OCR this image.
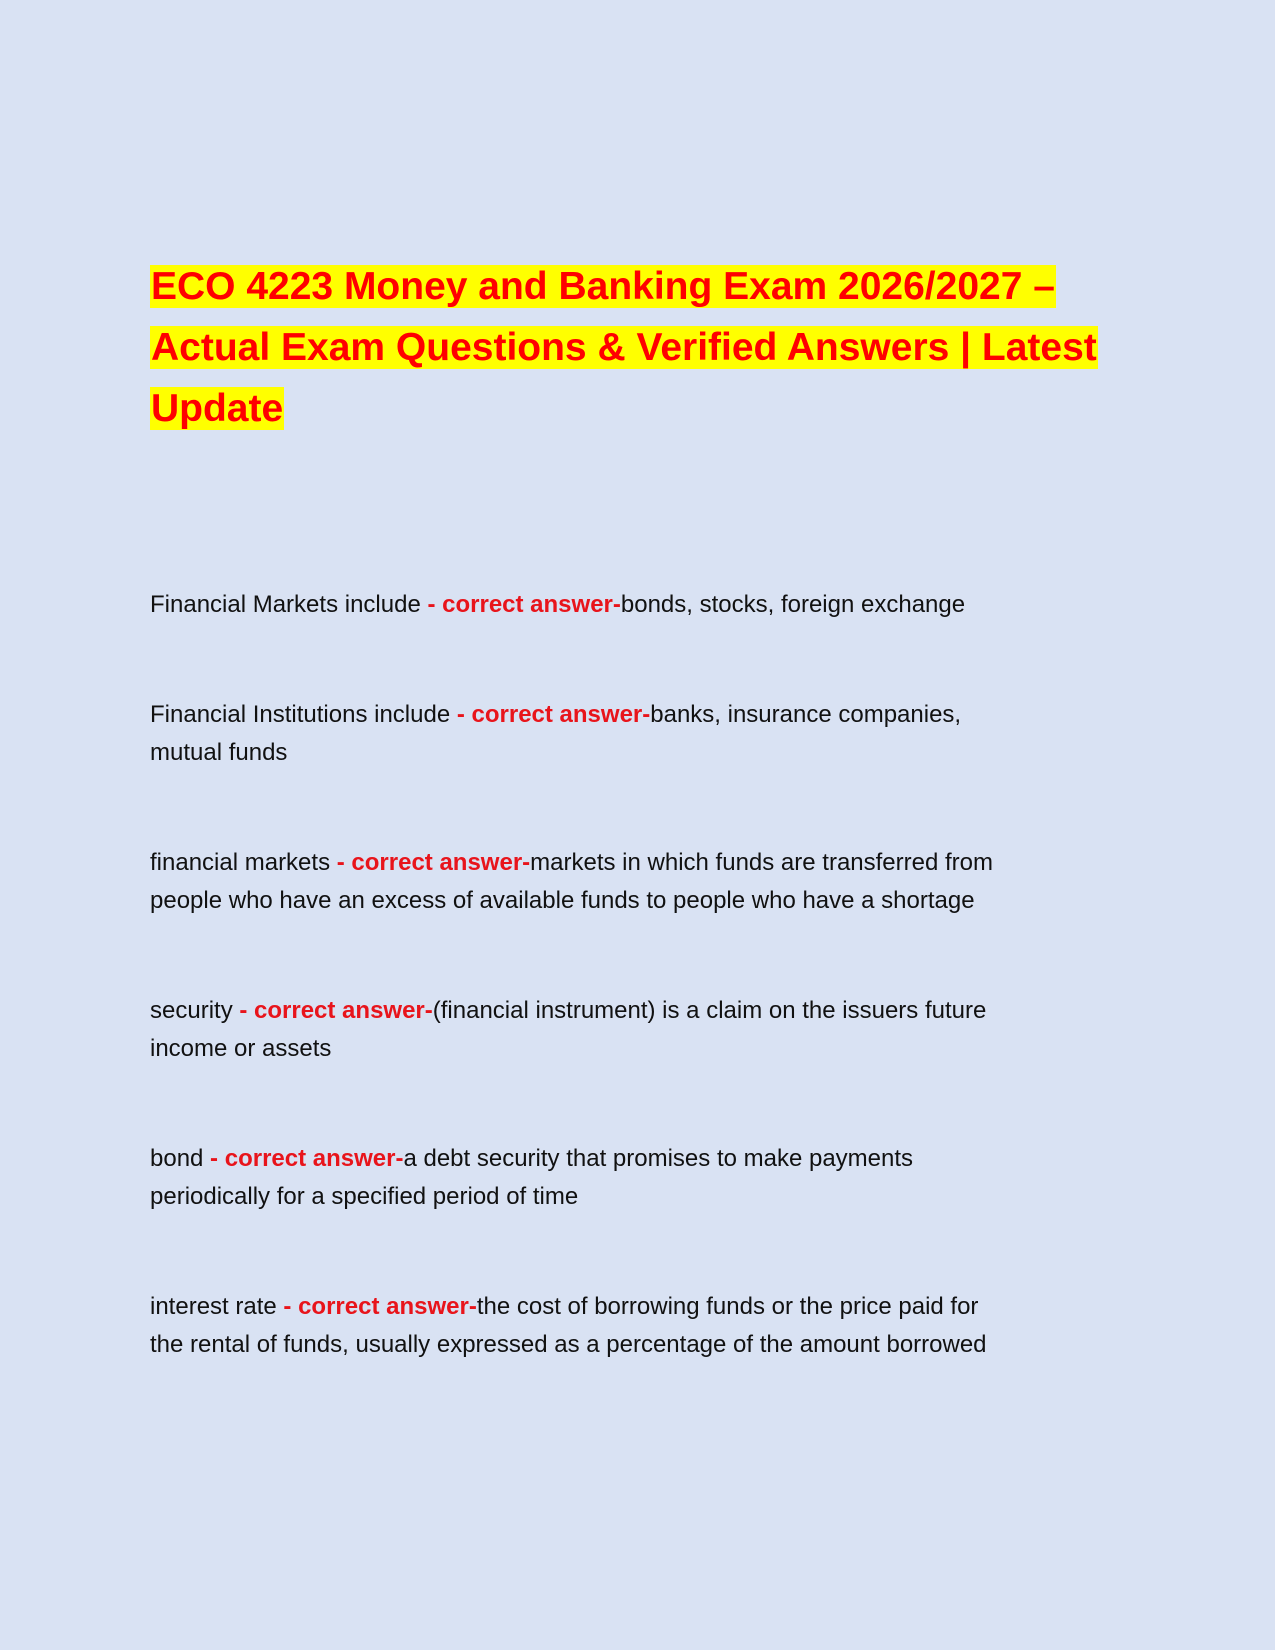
ECO 4223 Money and Banking Exam 2026/2027 –
Actual Exam Questions & Verified Answers | Latest
Update
Financial Markets include - correct answer-bonds, stocks, foreign exchange
Financial Institutions include - correct answer-banks, insurance companies,
mutual funds
financial markets - correct answer-markets in which funds are transferred from
people who have an excess of available funds to people who have a shortage
security - correct answer-(financial instrument) is a claim on the issuers future
income or assets
bond - correct answer-a debt security that promises to make payments
periodically for a specified period of time
interest rate - correct answer-the cost of borrowing funds or the price paid for
the rental of funds, usually expressed as a percentage of the amount borrowed
